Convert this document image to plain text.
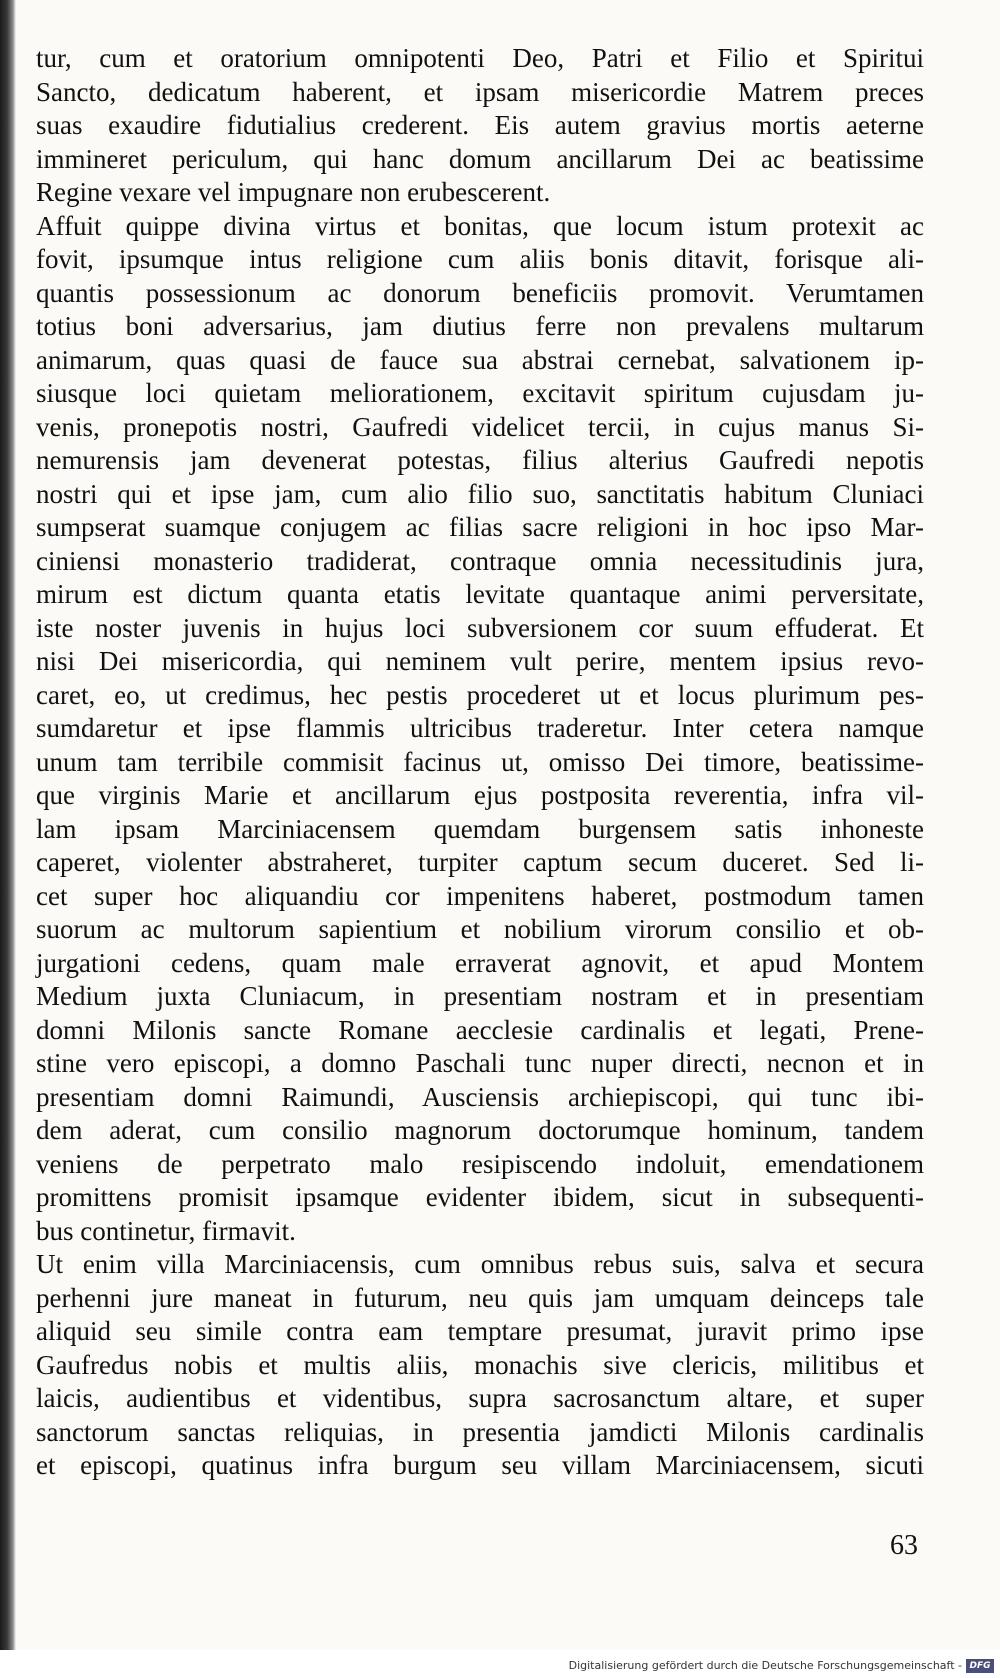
tur, cum et oratorium omnipotenti Deo, Patri et Filio et Spiritui
Sancto, dedicatum haberent, et ipsam misericordie Matrem preces
suas exaudire fidutialius crederent. Eis autem gravius mortis aeterne
immineret periculum, qui hanc domum ancillarum Dei ac beatissime
Regine vexare vel impugnare non erubescerent.
Affuit quippe divina virtus et bonitas, que locum istum protexit ac
fovit, ipsumque intus religione cum aliis bonis ditavit, forisque ali-
quantis possessionum ac donorum beneficiis promovit. Verumtamen
totius boni adversarius, jam diutius ferre non prevalens multarum
animarum, quas quasi de fauce sua abstrai cernebat, salvationem ip-
siusque loci quietam meliorationem, excitavit spiritum cujusdam ju-
venis, pronepotis nostri, Gaufredi videlicet tercii, in cujus manus Si-
nemurensis jam devenerat potestas, filius alterius Gaufredi nepotis
nostri qui et ipse jam, cum alio filio suo, sanctitatis habitum Cluniaci
sumpserat suamque conjugem ac filias sacre religioni in hoc ipso Mar-
ciniensi monasterio tradiderat, contraque omnia necessitudinis jura,
mirum est dictum quanta etatis levitate quantaque animi perversitate,
iste noster juvenis in hujus loci subversionem cor suum effuderat. Et
nisi Dei misericordia, qui neminem vult perire, mentem ipsius revo-
caret, eo, ut credimus, hec pestis procederet ut et locus plurimum pes-
sumdaretur et ipse flammis ultricibus traderetur. Inter cetera namque
unum tam terribile commisit facinus ut, omisso Dei timore, beatissime-
que virginis Marie et ancillarum ejus postposita reverentia, infra vil-
lam ipsam Marciniacensem quemdam burgensem satis inhoneste
caperet, violenter abstraheret, turpiter captum secum duceret. Sed li-
cet super hoc aliquandiu cor impenitens haberet, postmodum tamen
suorum ac multorum sapientium et nobilium virorum consilio et ob-
jurgationi cedens, quam male erraverat agnovit, et apud Montem
Medium juxta Cluniacum, in presentiam nostram et in presentiam
domni Milonis sancte Romane aecclesie cardinalis et legati, Prene-
stine vero episcopi, a domno Paschali tunc nuper directi, necnon et in
presentiam domni Raimundi, Ausciensis archiepiscopi, qui tunc ibi-
dem aderat, cum consilio magnorum doctorumque hominum, tandem
veniens de perpetrato malo resipiscendo indoluit, emendationem
promittens promisit ipsamque evidenter ibidem, sicut in subsequenti-
bus continetur, firmavit.
Ut enim villa Marciniacensis, cum omnibus rebus suis, salva et secura
perhenni jure maneat in futurum, neu quis jam umquam deinceps tale
aliquid seu simile contra eam temptare presumat, juravit primo ipse
Gaufredus nobis et multis aliis, monachis sive clericis, militibus et
laicis, audientibus et videntibus, supra sacrosanctum altare, et super
sanctorum sanctas reliquias, in presentia jamdicti Milonis cardinalis
et episcopi, quatinus infra burgum seu villam Marciniacensem, sicuti
63
Digitalisierung gefördert durch die Deutsche Forschungsgemeinschaft - DFG
